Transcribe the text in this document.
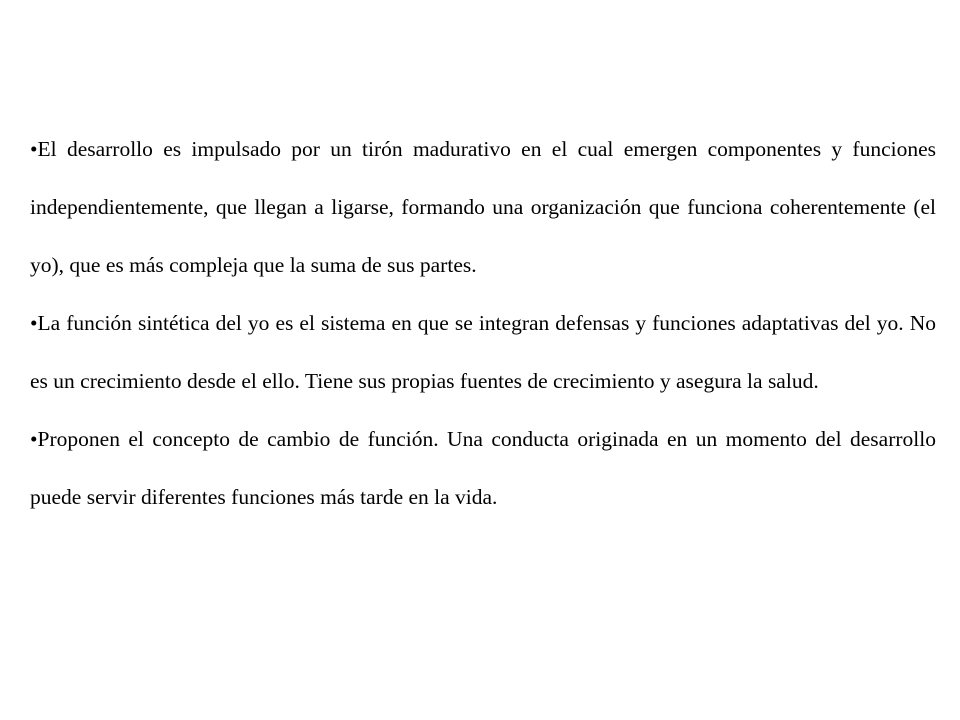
•El desarrollo es impulsado por un tirón madurativo en el cual emergen componentes y funciones independientemente, que llegan a ligarse, formando una organización que funciona coherentemente (el yo), que es más compleja que la suma de sus partes.

•La función sintética del yo es el sistema en que se integran defensas y funciones adaptativas del yo. No es un crecimiento desde el ello. Tiene sus propias fuentes de crecimiento y asegura la salud.

•Proponen el concepto de cambio de función. Una conducta originada en un momento del desarrollo puede servir diferentes funciones más tarde en la vida.
